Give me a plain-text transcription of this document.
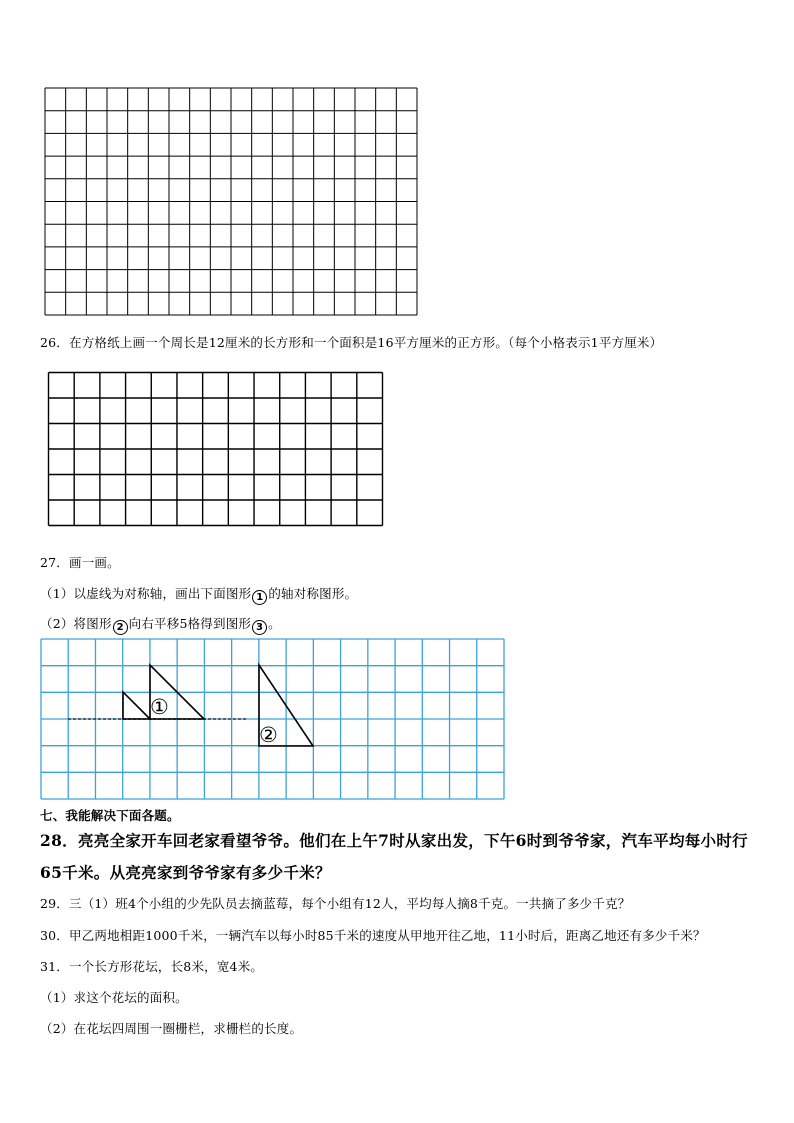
26．在方格纸上画一个周长是12厘米的长方形和一个面积是16平方厘米的正方形。（每个小格表示1平方厘米）
27．画一画。
（1）以虚线为对称轴，画出下面图形 1 的轴对称图形。
（2）将图形 2 向右平移5格得到图形 3 。
①
②
七、我能解决下面各题。
28．亮亮全家开车回老家看望爷爷。他们在上午7时从家出发，下午6时到爷爷家，汽车平均每小时行
65千米。从亮亮家到爷爷家有多少千米？
29．三（1）班4个小组的少先队员去摘蓝莓，每个小组有12人，平均每人摘8千克。一共摘了多少千克？
30．甲乙两地相距1000千米，一辆汽车以每小时85千米的速度从甲地开往乙地，11小时后，距离乙地还有多少千米？
31．一个长方形花坛，长8米，宽4米。
（1）求这个花坛的面积。
（2）在花坛四周围一圈栅栏，求栅栏的长度。
